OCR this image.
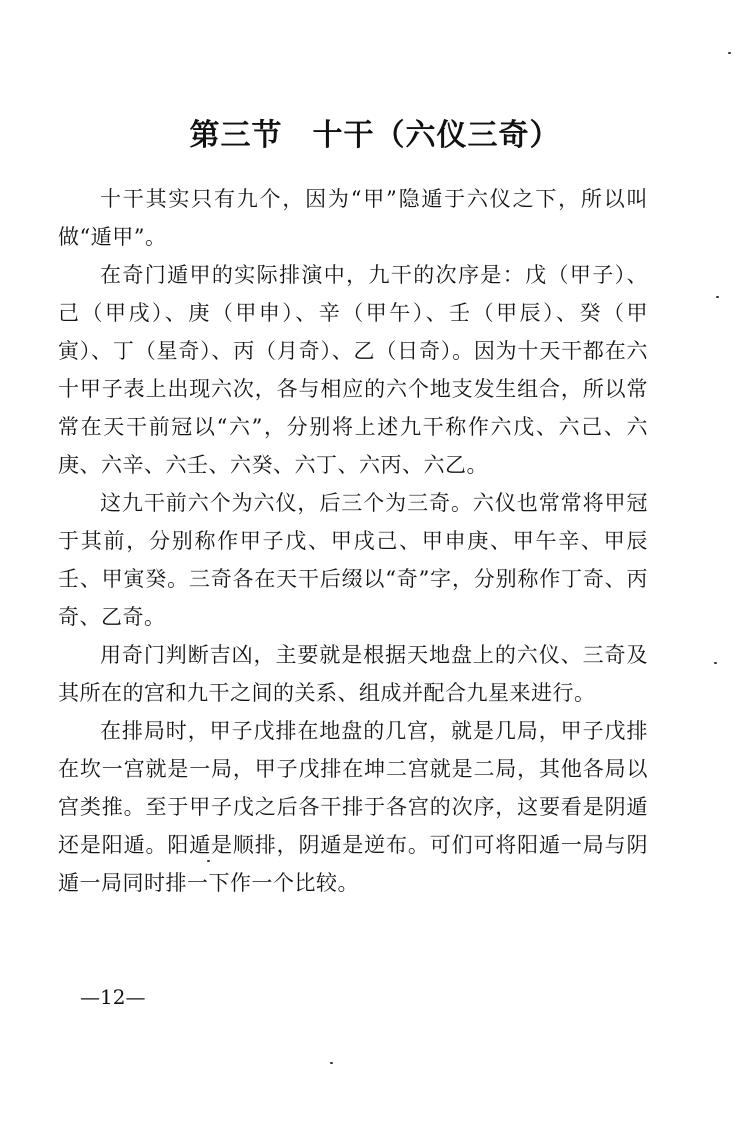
第三节 十干（六仪三奇）

十干其实只有九个，因为“甲”隐遁于六仪之下，所以叫做“遁甲”。

在奇门遁甲的实际排演中，九干的次序是：戊（甲子）、己（甲戌）、庚（甲申）、辛（甲午）、壬（甲辰）、癸（甲寅）、丁（星奇）、丙（月奇）、乙（日奇）。因为十天干都在六十甲子表上出现六次，各与相应的六个地支发生组合，所以常常在天干前冠以“六”，分别将上述九干称作六戊、六己、六庚、六辛、六壬、六癸、六丁、六丙、六乙。

这九干前六个为六仪，后三个为三奇。六仪也常常将甲冠于其前，分别称作甲子戊、甲戌己、甲申庚、甲午辛、甲辰壬、甲寅癸。三奇各在天干后缀以“奇”字，分别称作丁奇、丙奇、乙奇。

用奇门判断吉凶，主要就是根据天地盘上的六仪、三奇及其所在的宫和九干之间的关系、组成并配合九星来进行。

在排局时，甲子戊排在地盘的几宫，就是几局，甲子戊排在坎一宫就是一局，甲子戊排在坤二宫就是二局，其他各局以宫类推。至于甲子戊之后各干排于各宫的次序，这要看是阴遁还是阳遁。阳遁是顺排，阴遁是逆布。可们可将阳遁一局与阴遁一局同时排一下作一个比较。

—12—
